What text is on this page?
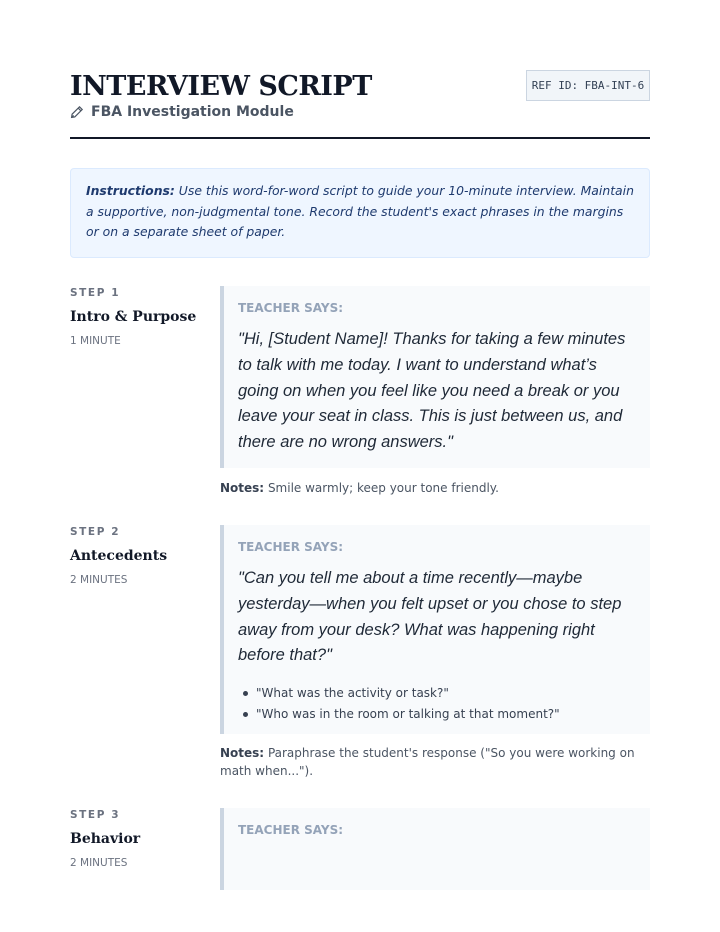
INTERVIEW SCRIPT
FBA Investigation Module
REF ID: FBA-INT-6
Instructions: Use this word-for-word script to guide your 10-minute interview. Maintain a supportive, non-judgmental tone. Record the student's exact phrases in the margins or on a separate sheet of paper.
STEP 1
Intro & Purpose
1 MINUTE
TEACHER SAYS:
"Hi, [Student Name]! Thanks for taking a few minutes to talk with me today. I want to understand what’s going on when you feel like you need a break or you leave your seat in class. This is just between us, and there are no wrong answers."
Notes: Smile warmly; keep your tone friendly.
STEP 2
Antecedents
2 MINUTES
TEACHER SAYS:
"Can you tell me about a time recently—maybe yesterday—when you felt upset or you chose to step away from your desk? What was happening right before that?"
"What was the activity or task?"
"Who was in the room or talking at that moment?"
Notes: Paraphrase the student's response ("So you were working on math when...").
STEP 3
Behavior
2 MINUTES
TEACHER SAYS:
